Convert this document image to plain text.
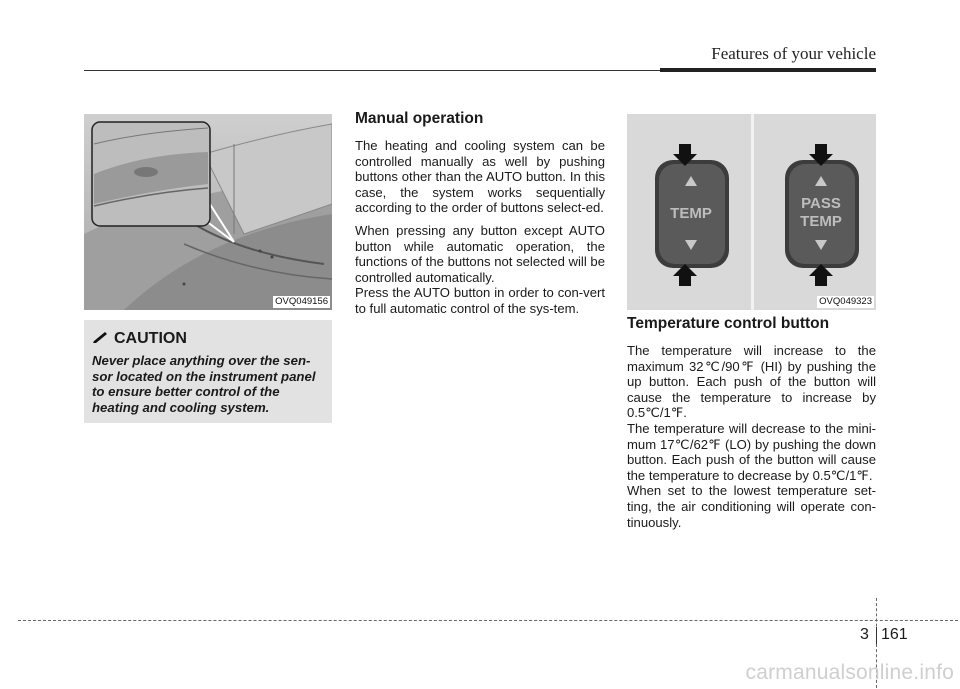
Features of your vehicle
OVQ049156
CAUTION
Never place anything over the sen-sor located on the instrument panel to ensure better control of the heating and cooling system.
Manual operation

The heating and cooling system can be controlled manually as well by pushing buttons other than the AUTO button. In this case, the system works sequentially according to the order of buttons select-ed.

When pressing any button except AUTO button while automatic operation, the functions of the buttons not selected will be controlled automatically.

Press the AUTO button in order to con-vert to full automatic control of the sys-tem.

TEMP
PASS
TEMP
OVQ049323
Temperature control button

The temperature will increase to the maximum 32℃/90℉ (HI) by pushing the up button. Each push of the button will cause the temperature to increase by 0.5℃/1℉.

The temperature will decrease to the mini-mum 17℃/62℉ (LO) by pushing the down button. Each push of the button will cause the temperature to decrease by 0.5℃/1℉.

When set to the lowest temperature set-ting, the air conditioning will operate con-tinuously.

3 161
carmanualsonline.info
